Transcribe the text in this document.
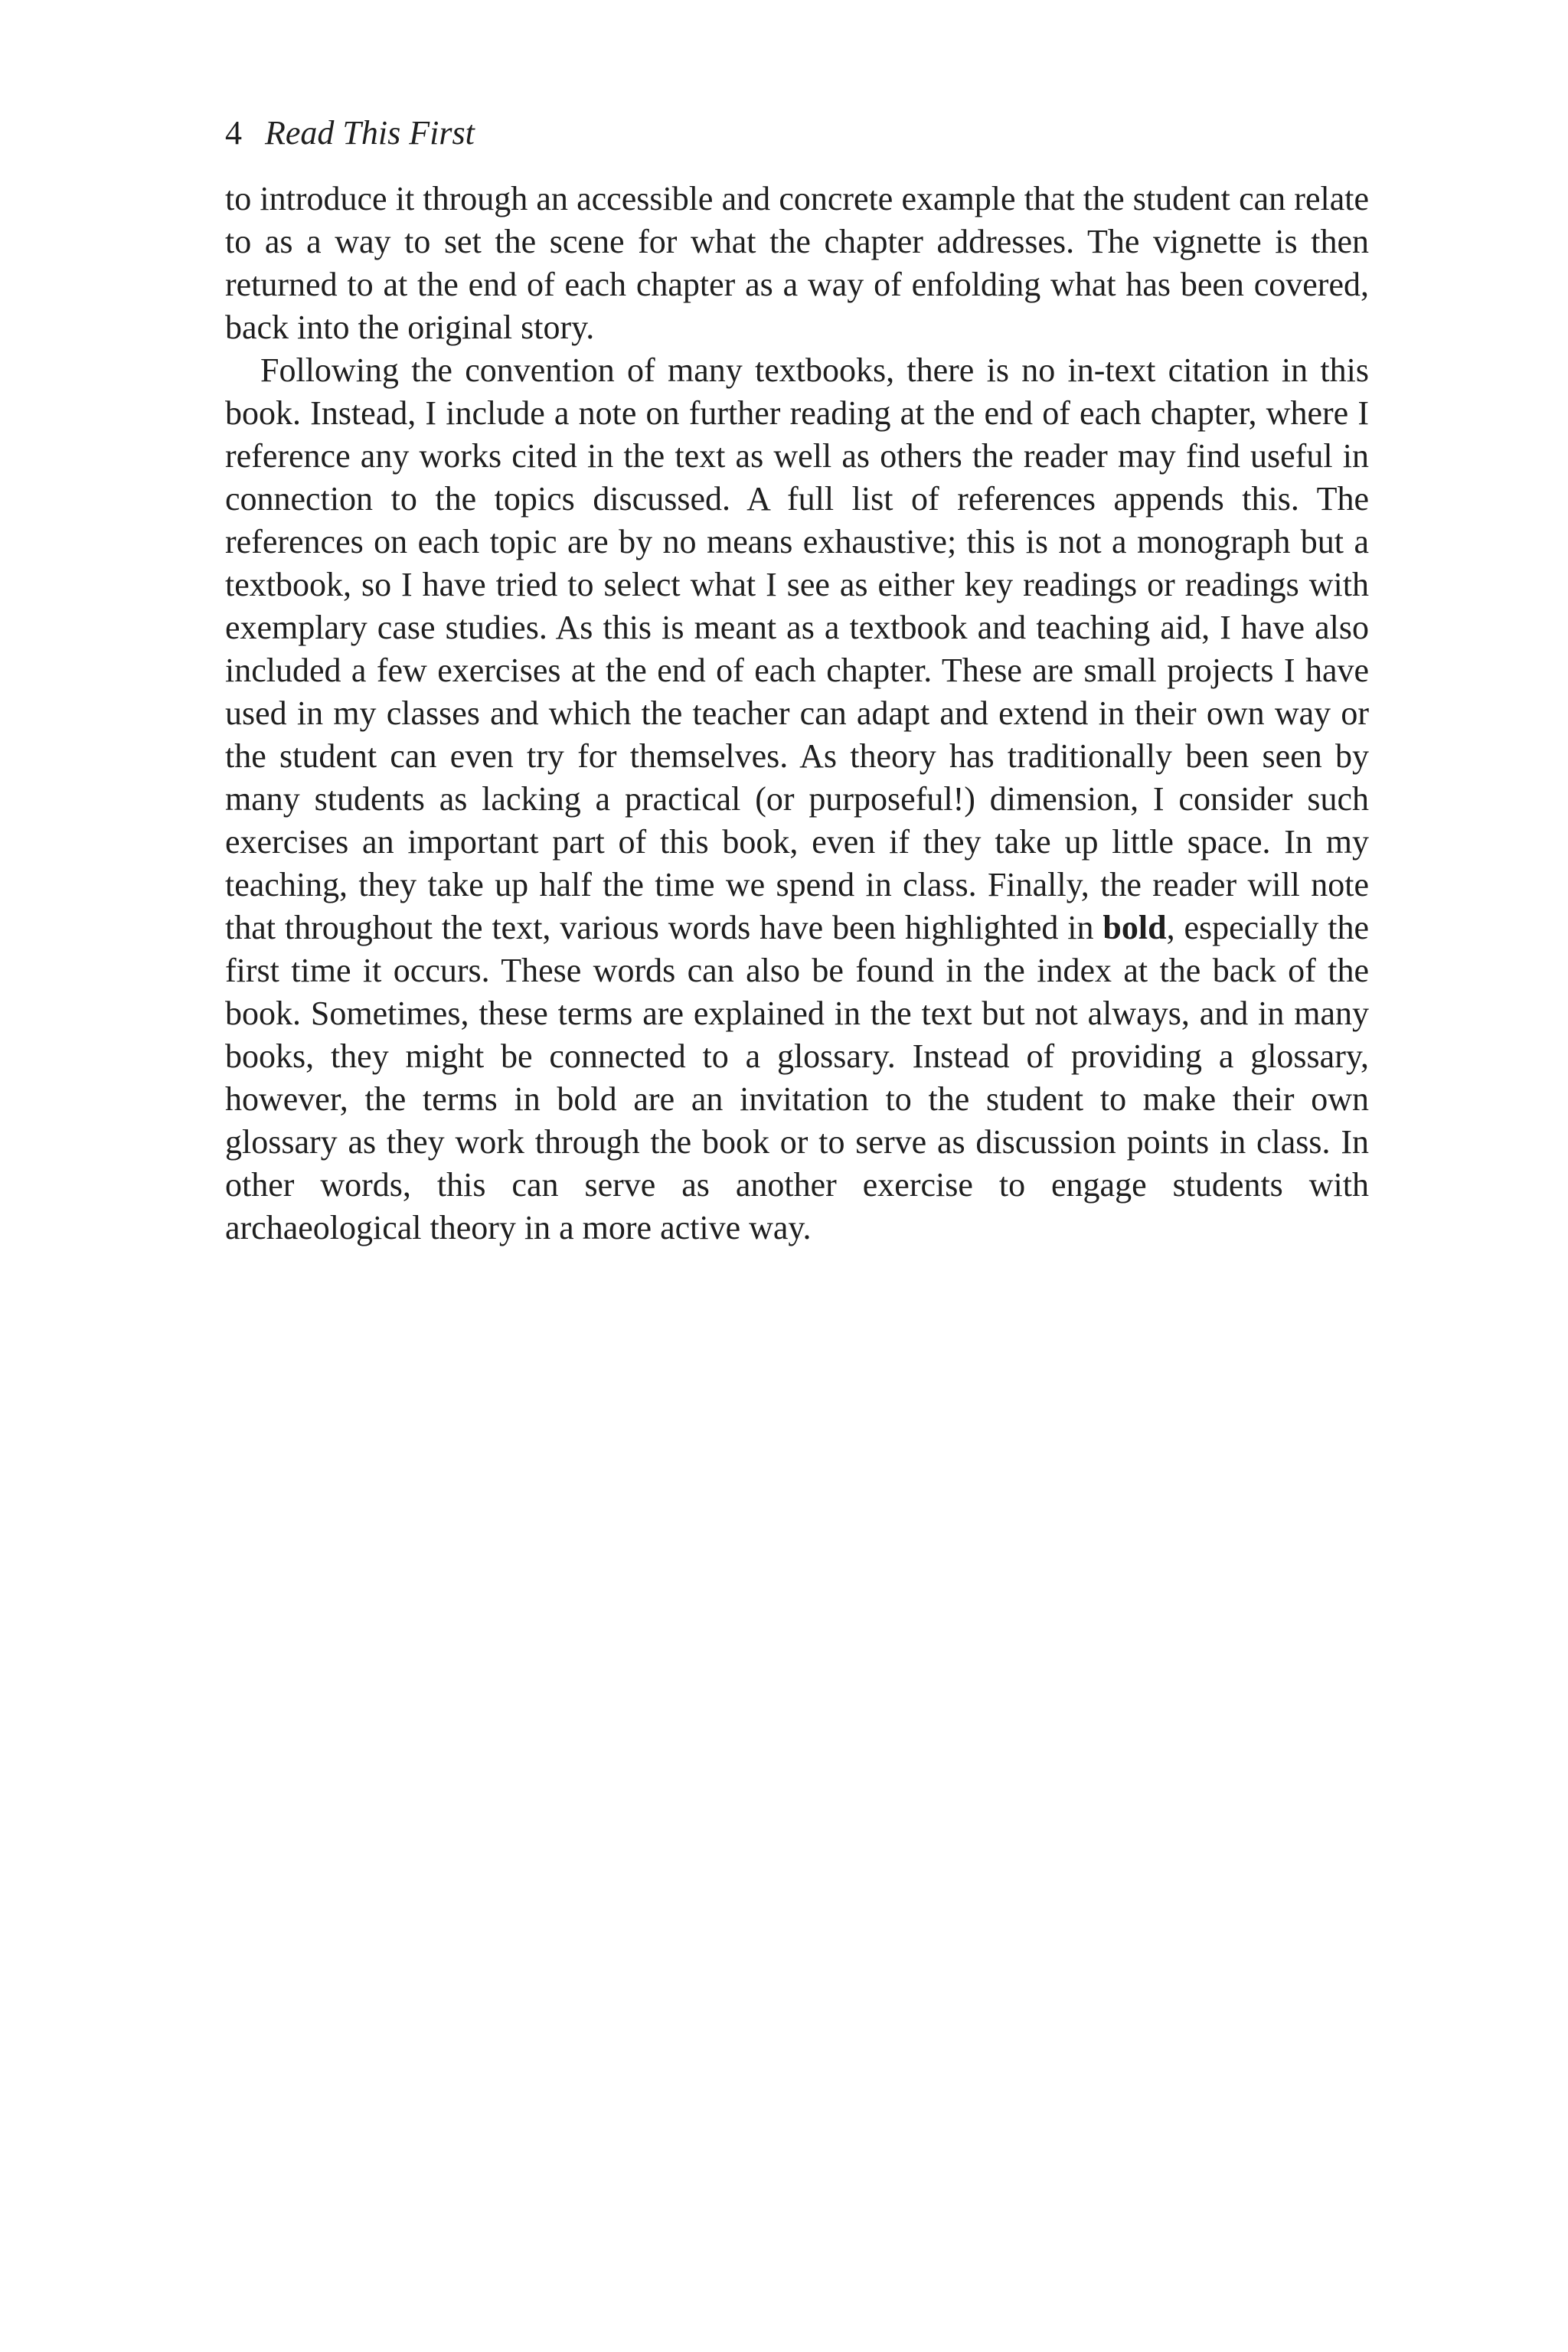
4 Read This First

to introduce it through an accessible and concrete example that the student can relate to as a way to set the scene for what the chapter addresses. The vignette is then returned to at the end of each chapter as a way of enfolding what has been covered, back into the original story.

Following the convention of many textbooks, there is no in-text citation in this book. Instead, I include a note on further reading at the end of each chapter, where I reference any works cited in the text as well as others the reader may find useful in connection to the topics discussed. A full list of references appends this. The references on each topic are by no means exhaustive; this is not a monograph but a textbook, so I have tried to select what I see as either key readings or readings with exemplary case studies. As this is meant as a textbook and teaching aid, I have also included a few exercises at the end of each chapter. These are small projects I have used in my classes and which the teacher can adapt and extend in their own way or the student can even try for themselves. As theory has traditionally been seen by many students as lacking a practical (or purposeful!) dimension, I consider such exercises an important part of this book, even if they take up little space. In my teaching, they take up half the time we spend in class. Finally, the reader will note that throughout the text, various words have been highlighted in bold, especially the first time it occurs. These words can also be found in the index at the back of the book. Sometimes, these terms are explained in the text but not always, and in many books, they might be connected to a glossary. Instead of providing a glossary, however, the terms in bold are an invitation to the student to make their own glossary as they work through the book or to serve as discussion points in class. In other words, this can serve as another exercise to engage students with archaeological theory in a more active way.
